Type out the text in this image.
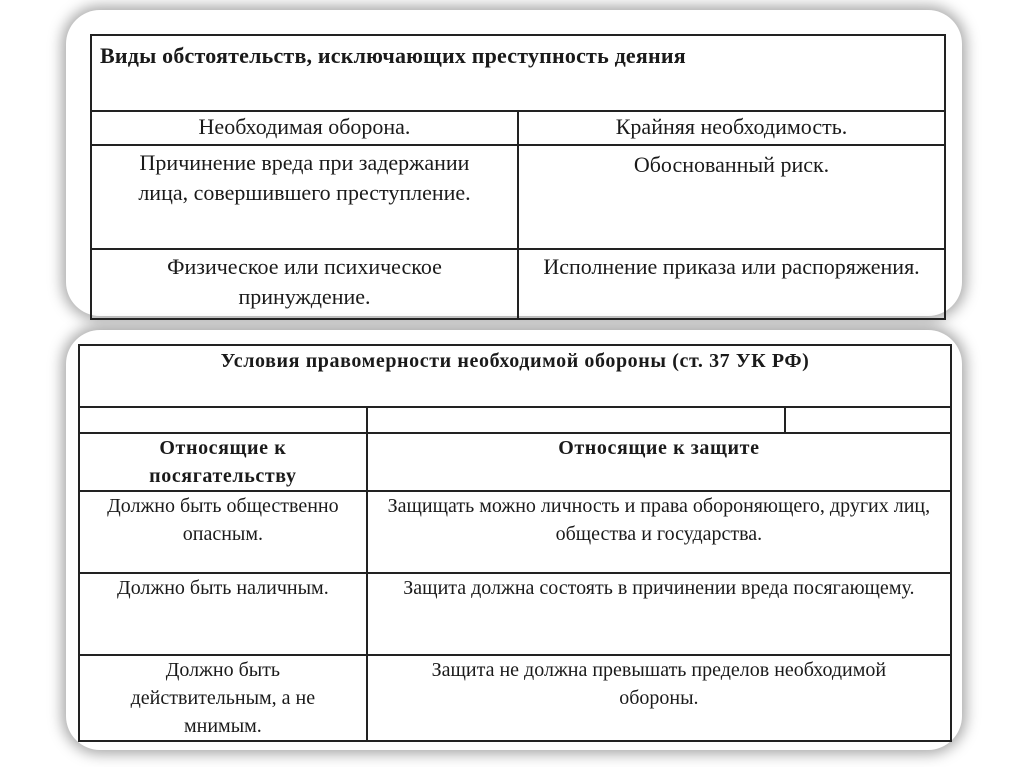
Виды обстоятельств, исключающих преступность деяния	
Необходимая оборона.	Крайняя необходимость.
Причинение вреда при задержании лица, совершившего преступление.	Обоснованный риск.
Физическое или психическое принуждение.	Исполнение приказа или распоряжения.
Условия правомерности необходимой обороны (ст. 37 УК РФ)		

Относящие к посягательству	Относящие к защите	
Должно быть общественно опасным.	Защищать можно личность и права обороняющего, других лиц, общества и государства.	
Должно быть наличным.	Защита должна состоять в причинении вреда посягающему.	
Должно быть действительным, а не мнимым.	Защита не должна превышать пределов необходимой обороны.	
